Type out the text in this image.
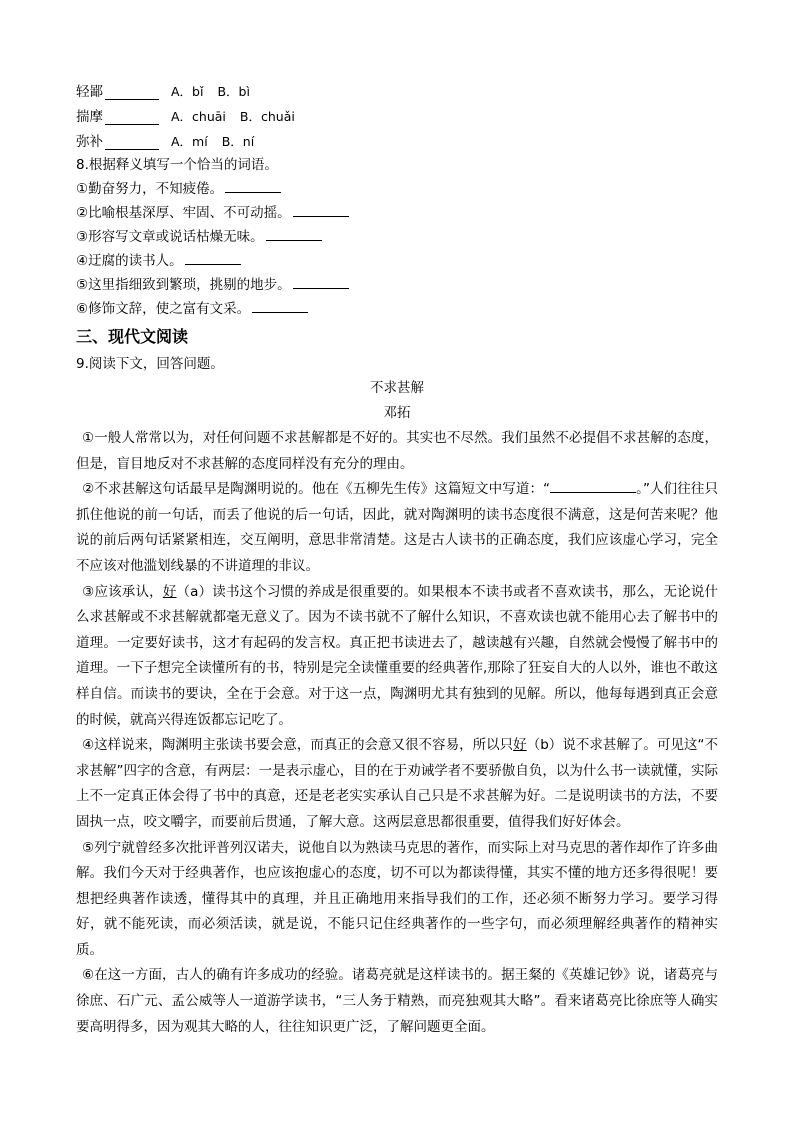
轻鄙	A．bǐ B．bì
揣摩	A．chuāi B．chuǎi
弥补	A．mí B．ní
8.根据释义填写一个恰当的词语。
①勤奋努力，不知疲倦。
②比喻根基深厚、牢固、不可动摇。
③形容写文章或说话枯燥无味。
④迂腐的读书人。
⑤这里指细致到繁琐，挑剔的地步。
⑥修饰文辞，使之富有文采。
三、现代文阅读
9.阅读下文，回答问题。
不求甚解
邓拓

①一般人常常以为，对任何问题不求甚解都是不好的。其实也不尽然。我们虽然不必提倡不求甚解的态度，但是，盲目地反对不求甚解的态度同样没有充分的理由。

②不求甚解这句话最早是陶渊明说的。他在《五柳先生传》这篇短文中写道：“	。”人们往往只抓住他说的前一句话，而丢了他说的后一句话，因此，就对陶渊明的读书态度很不满意，这是何苦来呢？他说的前后两句话紧紧相连，交互阐明，意思非常清楚。这是古人读书的正确态度，我们应该虚心学习，完全不应该对他滥划线暴的不讲道理的非议。

③应该承认，好（a）读书这个习惯的养成是很重要的。如果根本不读书或者不喜欢读书，那么，无论说什么求甚解或不求甚解就都毫无意义了。因为不读书就不了解什么知识，不喜欢读也就不能用心去了解书中的道理。一定要好读书，这才有起码的发言权。真正把书读进去了，越读越有兴趣，自然就会慢慢了解书中的道理。一下子想完全读懂所有的书，特别是完全读懂重要的经典著作,那除了狂妄自大的人以外，谁也不敢这样自信。而读书的要诀，全在于会意。对于这一点，陶渊明尤其有独到的见解。所以，他每每遇到真正会意的时候，就高兴得连饭都忘记吃了。

④这样说来，陶渊明主张读书要会意，而真正的会意又很不容易，所以只好（b）说不求甚解了。可见这“不求甚解”四字的含意，有两层：一是表示虚心，目的在于劝诫学者不要骄傲自负，以为什么书一读就懂，实际上不一定真正体会得了书中的真意，还是老老实实承认自己只是不求甚解为好。二是说明读书的方法，不要固执一点，咬文嚼字，而要前后贯通，了解大意。这两层意思都很重要，值得我们好好体会。

⑤列宁就曾经多次批评普列汉诺夫，说他自以为熟读马克思的著作，而实际上对马克思的著作却作了许多曲解。我们今天对于经典著作，也应该抱虚心的态度，切不可以为都读得懂，其实不懂的地方还多得很呢！要想把经典著作读透，懂得其中的真理，并且正确地用来指导我们的工作，还必须不断努力学习。要学习得好，就不能死读，而必须活读，就是说，不能只记住经典著作的一些字句，而必须理解经典著作的精神实质。

⑥在这一方面，古人的确有许多成功的经验。诸葛亮就是这样读书的。据王粲的《英雄记钞》说，诸葛亮与徐庶、石广元、孟公威等人一道游学读书，“三人务于精熟，而亮独观其大略”。看来诸葛亮比徐庶等人确实要高明得多，因为观其大略的人，往往知识更广泛，了解问题更全面。
